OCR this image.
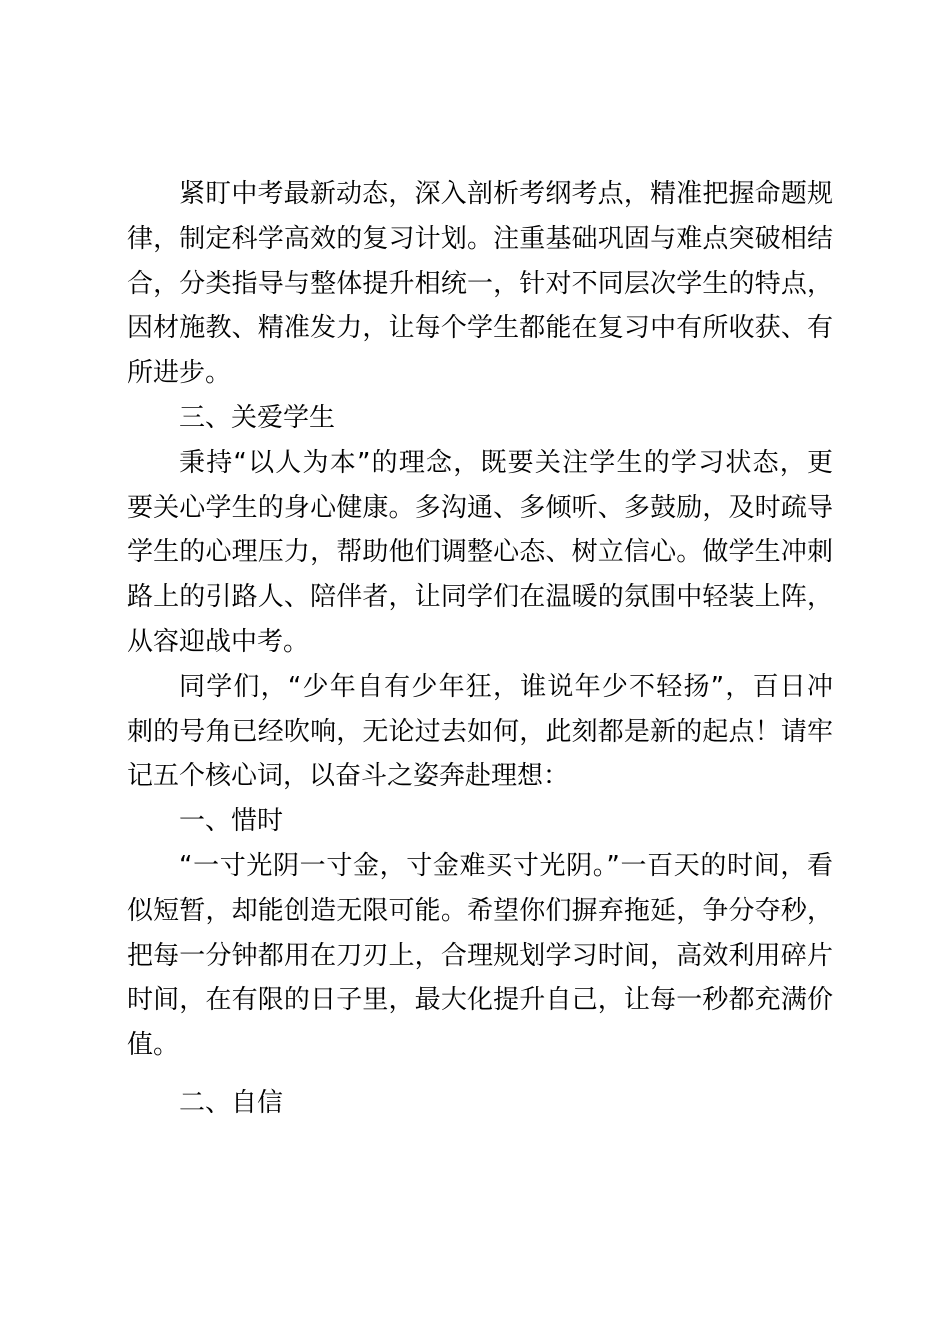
紧盯中考最新动态，深入剖析考纲考点，精准把握命题规
律，制定科学高效的复习计划。注重基础巩固与难点突破相结
合，分类指导与整体提升相统一，针对不同层次学生的特点，
因材施教、精准发力，让每个学生都能在复习中有所收获、有
所进步。
三、关爱学生
秉持“以人为本”的理念，既要关注学生的学习状态，更
要关心学生的身心健康。多沟通、多倾听、多鼓励，及时疏导
学生的心理压力，帮助他们调整心态、树立信心。做学生冲刺
路上的引路人、陪伴者，让同学们在温暖的氛围中轻装上阵，
从容迎战中考。
同学们，“少年自有少年狂，谁说年少不轻扬”，百日冲
刺的号角已经吹响，无论过去如何，此刻都是新的起点！请牢
记五个核心词，以奋斗之姿奔赴理想：
一、惜时
“一寸光阴一寸金，寸金难买寸光阴。”一百天的时间，看
似短暂，却能创造无限可能。希望你们摒弃拖延，争分夺秒，
把每一分钟都用在刀刃上，合理规划学习时间，高效利用碎片
时间，在有限的日子里，最大化提升自己，让每一秒都充满价
值。
二、自信
